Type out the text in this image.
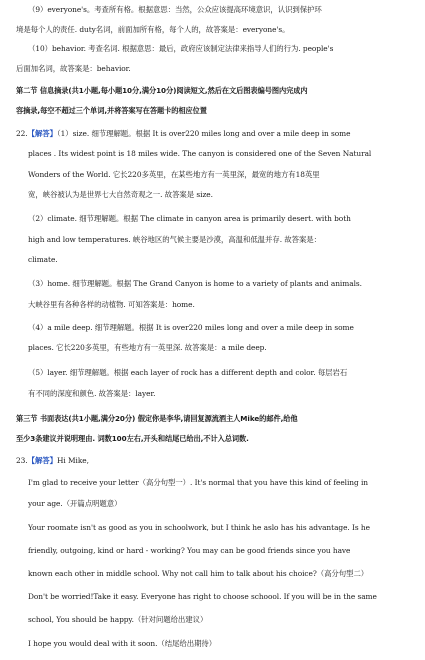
（9）everyone's。考查所有格。根据意思：当然，公众应该提高环境意识，认识到保护环
境是每个人的责任. duty名词，前面加所有格，每个人的，故答案是：everyone's。
（10）behavior. 考查名词. 根据意思：最后，政府应该制定法律来指导人们的行为. people's
后面加名词，故答案是：behavior.
第二节 信息摘录(共1小题,每小题10分,满分10分)阅读短文,然后在文后图表编号图内完成内
容摘录,每空不超过三个单词,并将答案写在答题卡的相应位置
22.【解答】（1）size. 细节理解题。根据 It is over220 miles long and over a mile deep in some
places . Its widest point is 18 miles wide. The canyon is considered one of the Seven Natural
Wonders of the World. 它长220多英里，在某些地方有一英里深，最宽的地方有18英里
宽，峡谷被认为是世界七大自然奇观之一. 故答案是 size.
（2）climate. 细节理解题。根据 The climate in canyon area is primarily desert. with both
high and low temperatures. 峡谷地区的气候主要是沙漠，高温和低温并存. 故答案是：
climate.
（3）home. 细节理解题。根据 The Grand Canyon is home to a variety of plants and animals.
大峡谷里有各种各样的动植物. 可知答案是：home.
（4）a mile deep. 细节理解题。根据 It is over220 miles long and over a mile deep in some
places. 它长220多英里，有些地方有一英里深. 故答案是：a mile deep.
（5）layer. 细节理解题。根据 each layer of rock has a different depth and color. 每层岩石
有不同的深度和颜色. 故答案是：layer.
第三节 书面表达(共1小题,满分20分) 假定你是李华,请回复源流酒主人Mike的邮件,给他
至少3条建议并说明理由. 词数100左右,开头和结尾已给出,不计入总词数.
23.【解答】Hi Mike,
I'm glad to receive your letter（高分句型一）. It's normal that you have this kind of feeling in
your age.（开篇点明题意）
Your roomate isn't as good as you in schoolwork, but I think he aslo has his advantage. Is he
friendly, outgoing, kind or hard - working? You may can be good friends since you have
known each other in middle school. Why not call him to talk about his choice?（高分句型二）
Don't be worried!Take it easy. Everyone has right to choose schoool. If you will be in the same
school, You should be happy.（针对问题给出建议）
I hope you would deal with it soon.（结尾给出期待）
